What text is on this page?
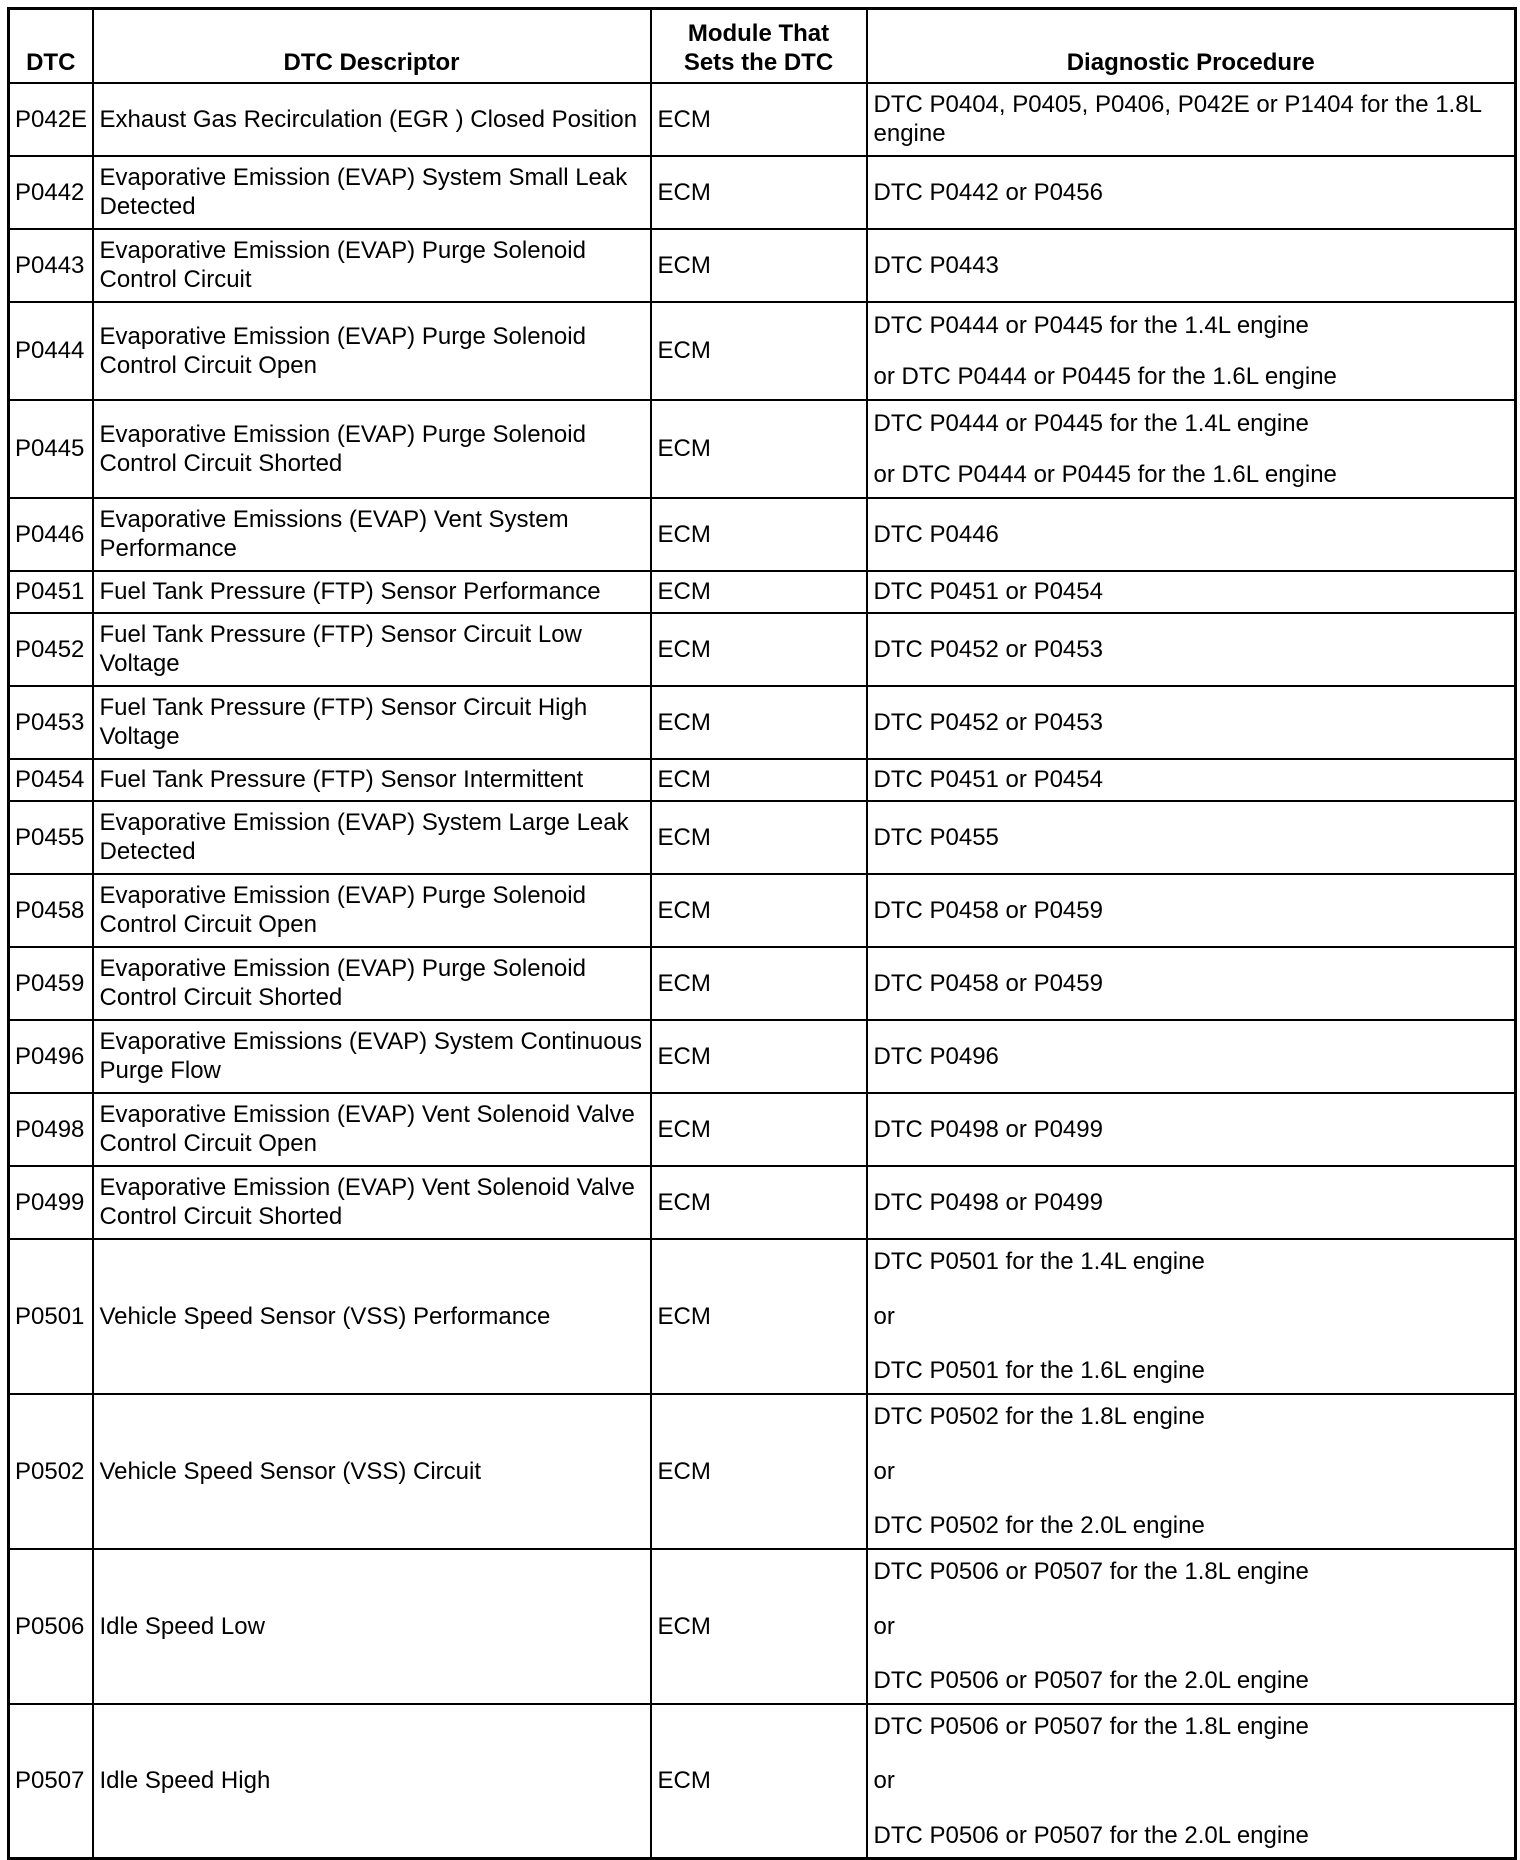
DTC	DTC Descriptor	Module That
Sets the DTC	Diagnostic Procedure
P042E	Exhaust Gas Recirculation (EGR ) Closed Position	ECM	DTC P0404, P0405, P0406, P042E or P1404 for the 1.8L engine

P0442	Evaporative Emission (EVAP) System Small Leak Detected	ECM	DTC P0442 or P0456

P0443	Evaporative Emission (EVAP) Purge Solenoid Control Circuit	ECM	DTC P0443

P0444	Evaporative Emission (EVAP) Purge Solenoid Control Circuit Open	ECM	DTC P0444 or P0445 for the 1.4L engine
or DTC P0444 or P0445 for the 1.6L engine

P0445	Evaporative Emission (EVAP) Purge Solenoid Control Circuit Shorted	ECM	DTC P0444 or P0445 for the 1.4L engine
or DTC P0444 or P0445 for the 1.6L engine

P0446	Evaporative Emissions (EVAP) Vent System Performance	ECM	DTC P0446

P0451	Fuel Tank Pressure (FTP) Sensor Performance	ECM	DTC P0451 or P0454

P0452	Fuel Tank Pressure (FTP) Sensor Circuit Low Voltage	ECM	DTC P0452 or P0453

P0453	Fuel Tank Pressure (FTP) Sensor Circuit High Voltage	ECM	DTC P0452 or P0453

P0454	Fuel Tank Pressure (FTP) Sensor Intermittent	ECM	DTC P0451 or P0454

P0455	Evaporative Emission (EVAP) System Large Leak Detected	ECM	DTC P0455

P0458	Evaporative Emission (EVAP) Purge Solenoid Control Circuit Open	ECM	DTC P0458 or P0459

P0459	Evaporative Emission (EVAP) Purge Solenoid Control Circuit Shorted	ECM	DTC P0458 or P0459

P0496	Evaporative Emissions (EVAP) System Continuous Purge Flow	ECM	DTC P0496

P0498	Evaporative Emission (EVAP) Vent Solenoid Valve Control Circuit Open	ECM	DTC P0498 or P0499

P0499	Evaporative Emission (EVAP) Vent Solenoid Valve Control Circuit Shorted	ECM	DTC P0498 or P0499

P0501	Vehicle Speed Sensor (VSS) Performance	ECM	DTC P0501 for the 1.4L engine
or
DTC P0501 for the 1.6L engine

P0502	Vehicle Speed Sensor (VSS) Circuit	ECM	DTC P0502 for the 1.8L engine
or
DTC P0502 for the 2.0L engine

P0506	Idle Speed Low	ECM	DTC P0506 or P0507 for the 1.8L engine
or
DTC P0506 or P0507 for the 2.0L engine

P0507	Idle Speed High	ECM	DTC P0506 or P0507 for the 1.8L engine
or
DTC P0506 or P0507 for the 2.0L engine
